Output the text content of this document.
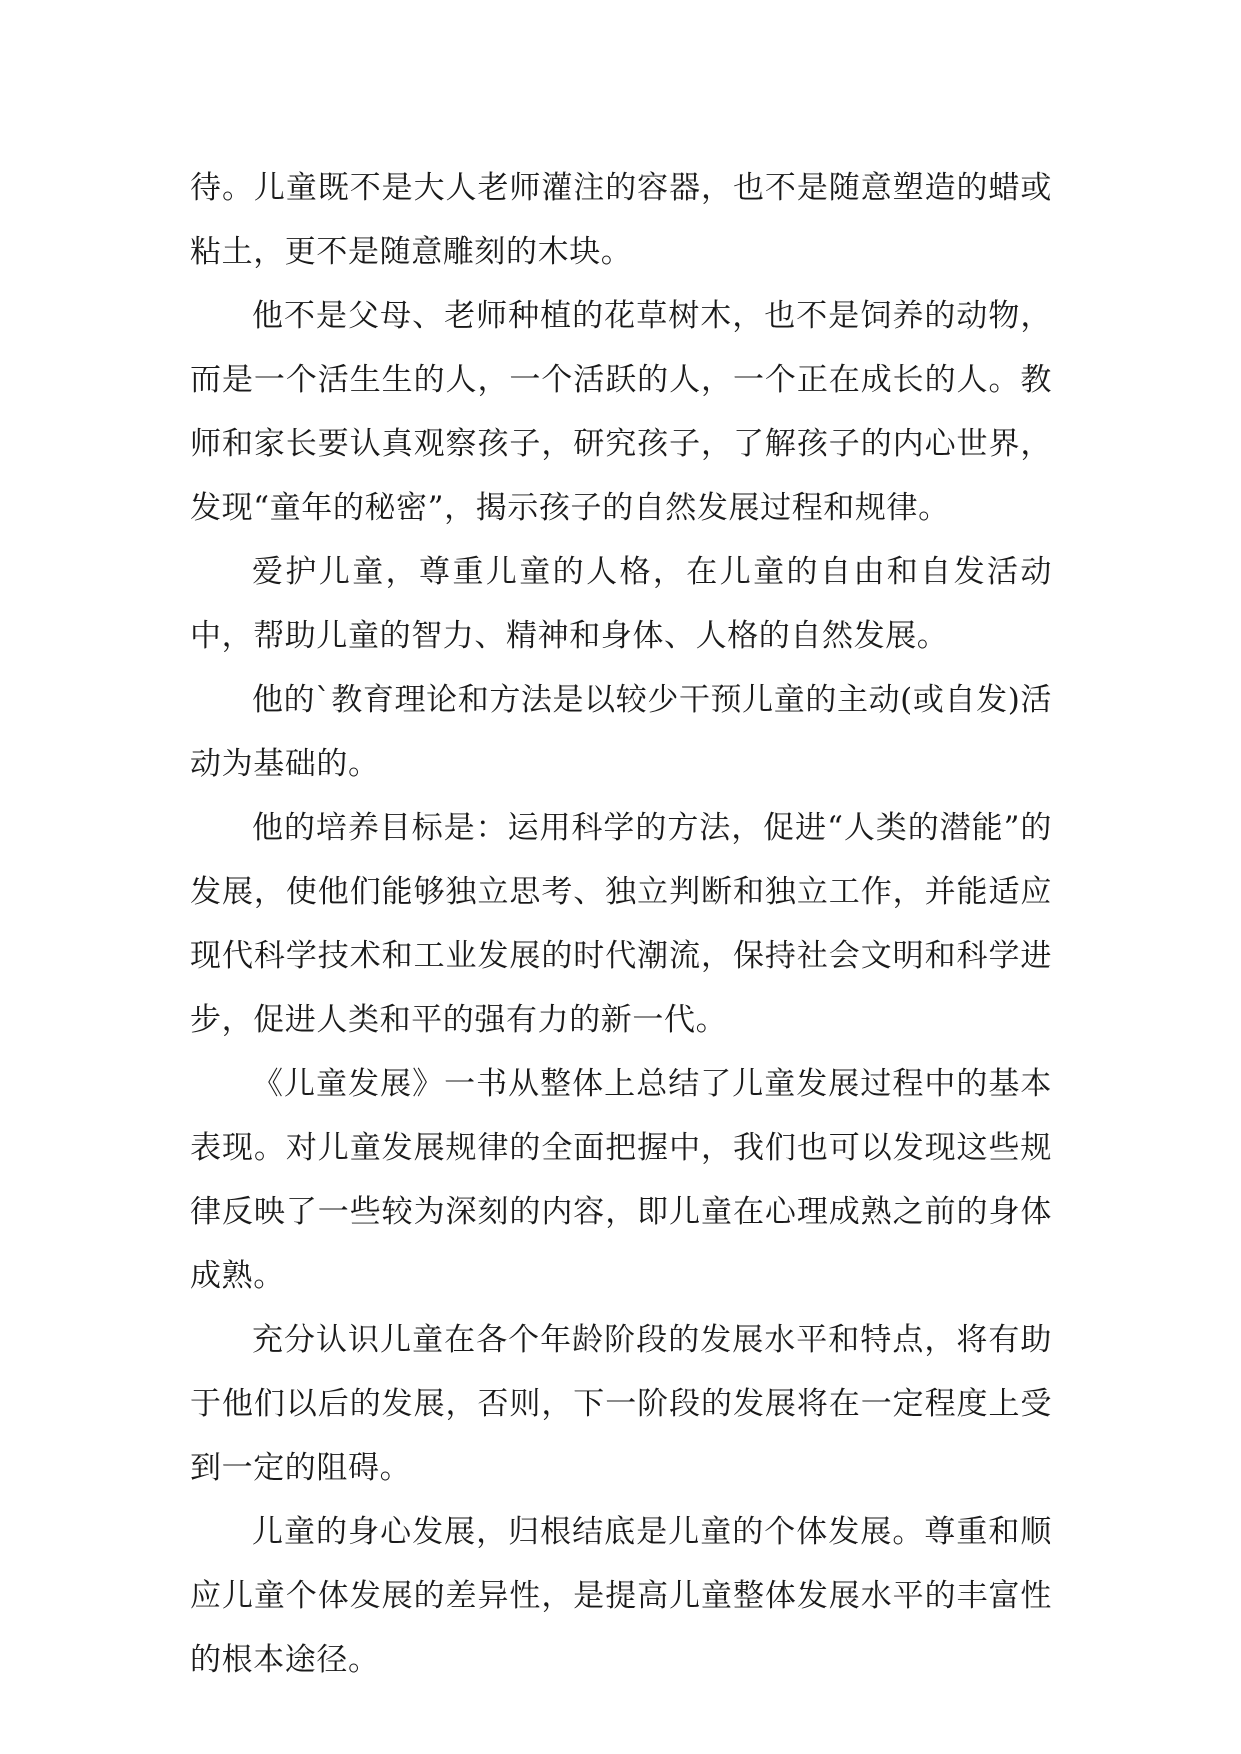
待。儿童既不是大人老师灌注的容器，也不是随意塑造的蜡或粘土，更不是随意雕刻的木块。

他不是父母、老师种植的花草树木，也不是饲养的动物，而是一个活生生的人，一个活跃的人，一个正在成长的人。教师和家长要认真观察孩子，研究孩子，了解孩子的内心世界，发现“童年的秘密”，揭示孩子的自然发展过程和规律。

爱护儿童，尊重儿童的人格，在儿童的自由和自发活动中，帮助儿童的智力、精神和身体、人格的自然发展。

他的`教育理论和方法是以较少干预儿童的主动(或自发)活动为基础的。

他的培养目标是：运用科学的方法，促进“人类的潜能”的发展，使他们能够独立思考、独立判断和独立工作，并能适应现代科学技术和工业发展的时代潮流，保持社会文明和科学进步，促进人类和平的强有力的新一代。

《儿童发展》一书从整体上总结了儿童发展过程中的基本表现。对儿童发展规律的全面把握中，我们也可以发现这些规律反映了一些较为深刻的内容，即儿童在心理成熟之前的身体成熟。

充分认识儿童在各个年龄阶段的发展水平和特点，将有助于他们以后的发展，否则，下一阶段的发展将在一定程度上受到一定的阻碍。

儿童的身心发展，归根结底是儿童的个体发展。尊重和顺应儿童个体发展的差异性，是提高儿童整体发展水平的丰富性的根本途径。
